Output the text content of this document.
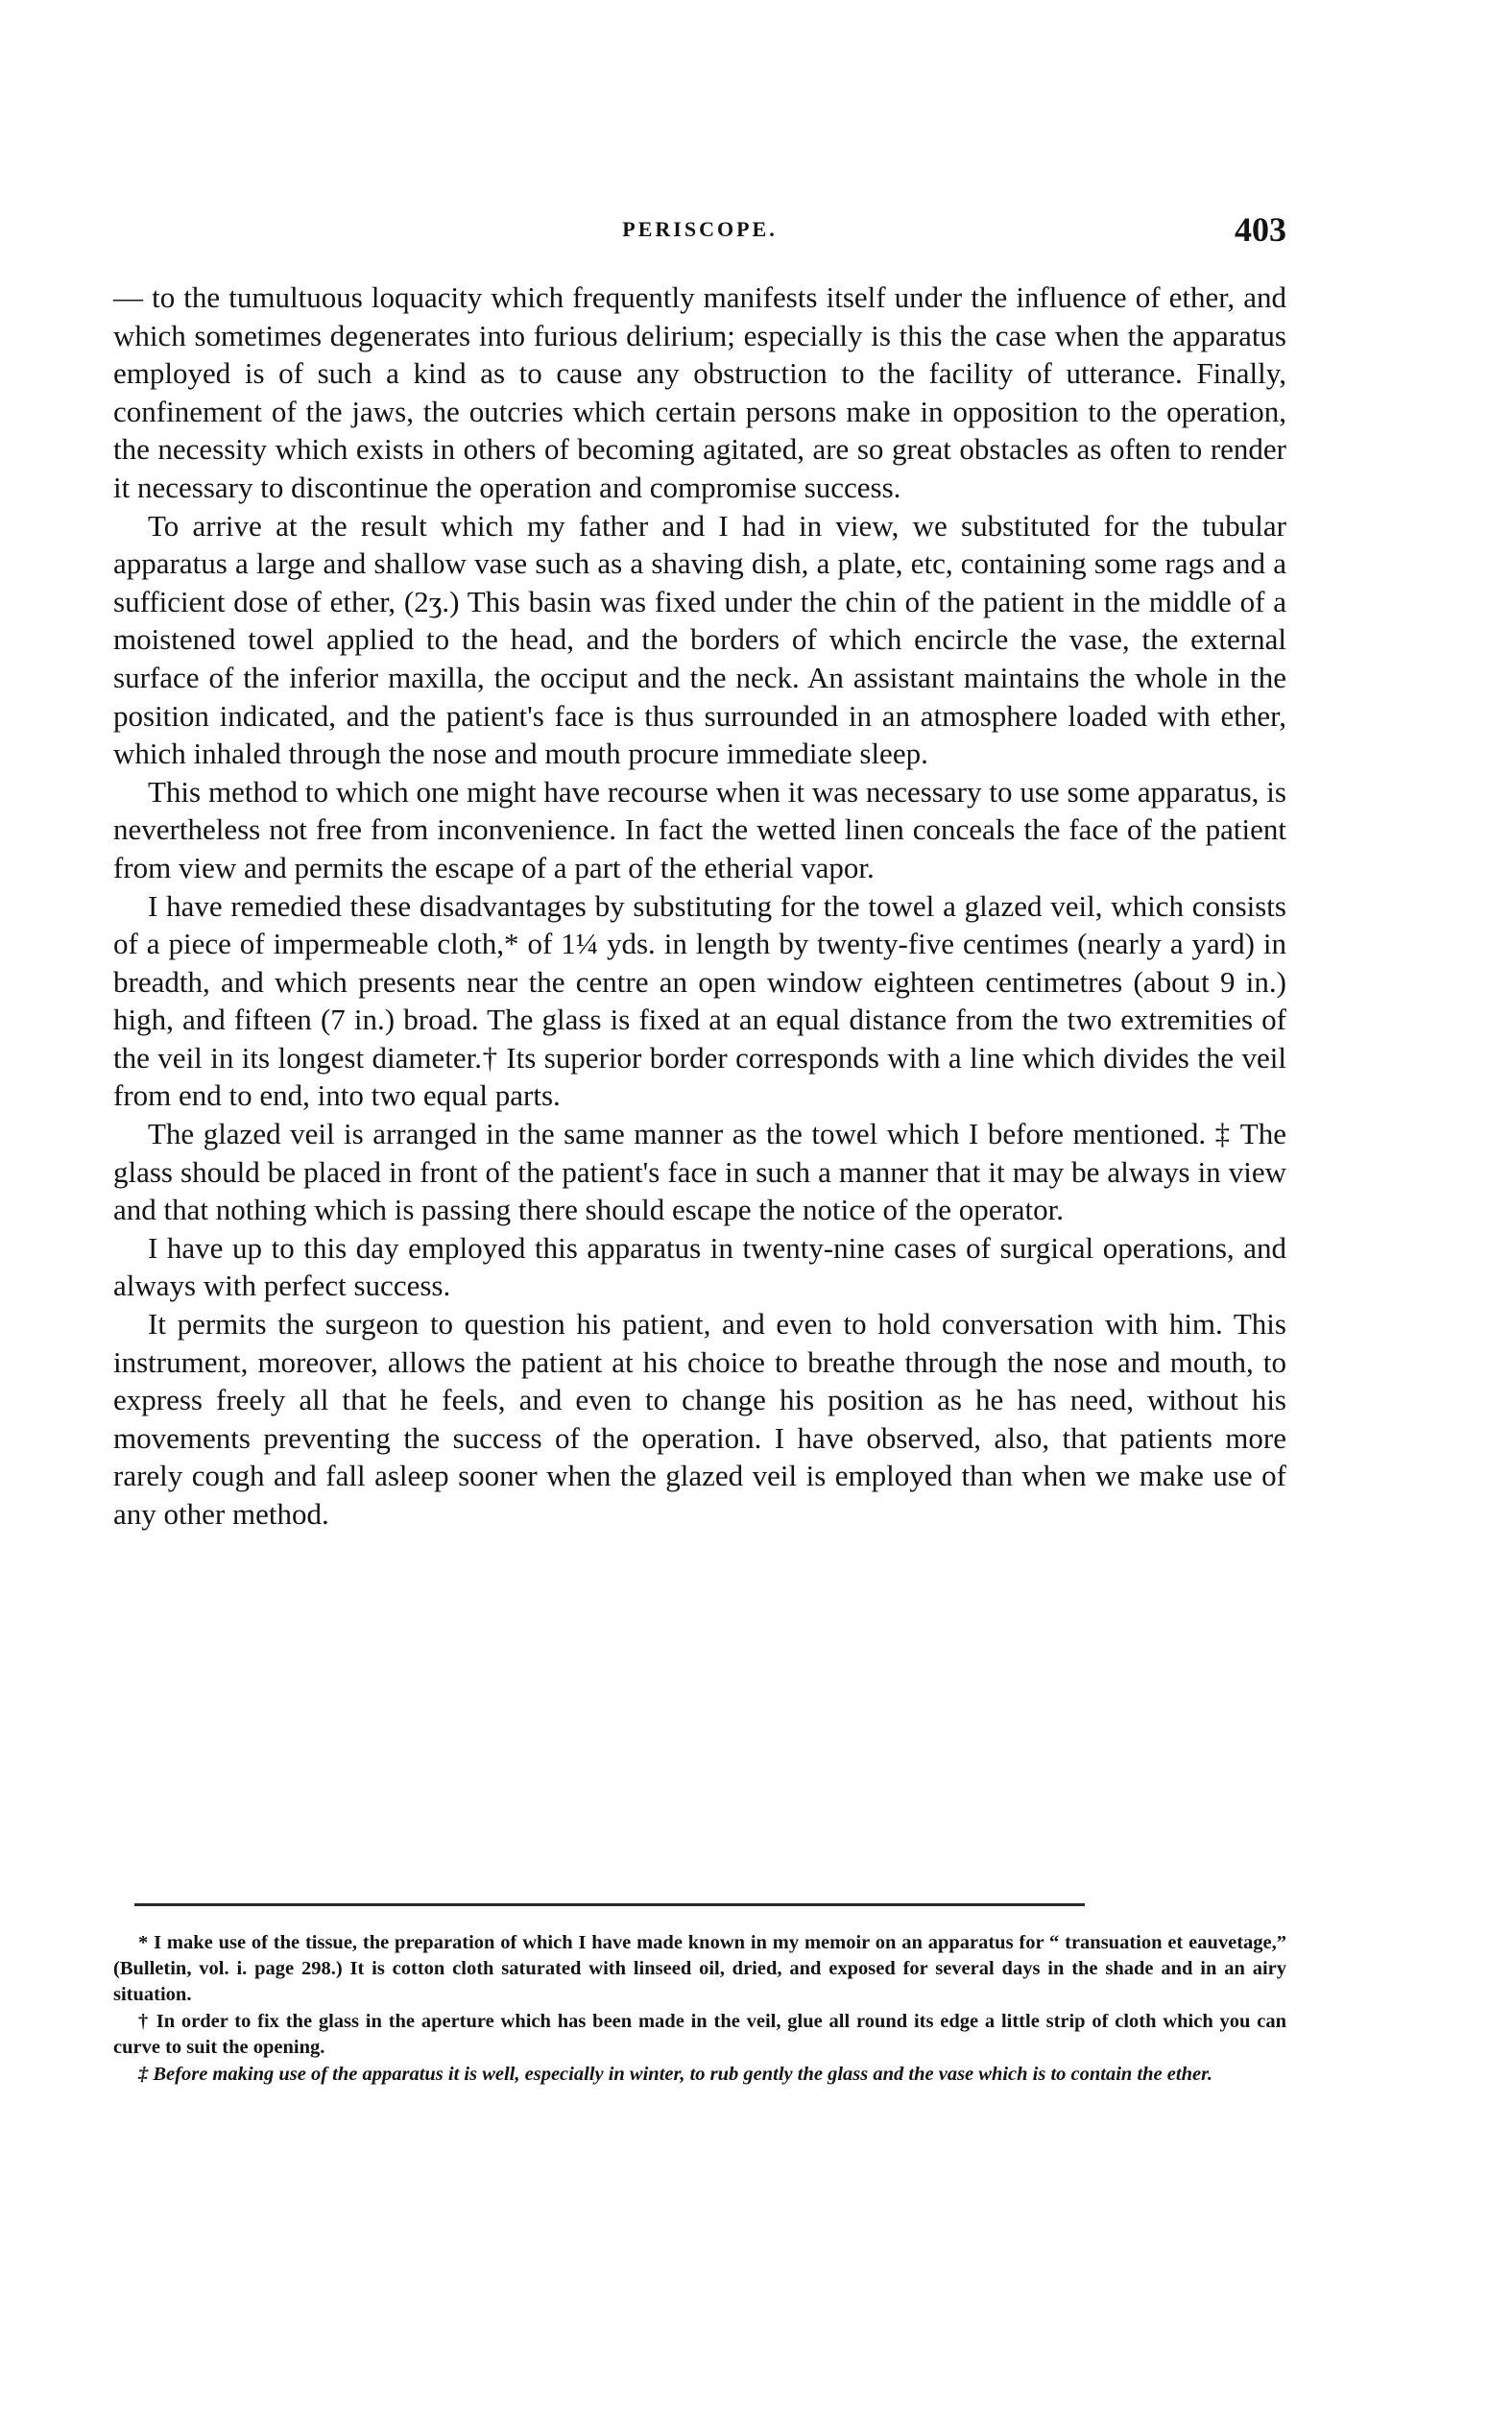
PERISCOPE.	403

— to the tumultuous loquacity which frequently manifests itself under the influence of ether, and which sometimes degenerates into furious delirium; especially is this the case when the apparatus employed is of such a kind as to cause any obstruction to the facility of utterance. Finally, confinement of the jaws, the outcries which certain persons make in opposition to the operation, the necessity which exists in others of becoming agitated, are so great obstacles as often to render it necessary to discontinue the operation and compromise success.

To arrive at the result which my father and I had in view, we substituted for the tubular apparatus a large and shallow vase such as a shaving dish, a plate, etc, containing some rags and a sufficient dose of ether, (2ʒ.) This basin was fixed under the chin of the patient in the middle of a moistened towel applied to the head, and the borders of which encircle the vase, the external surface of the inferior maxilla, the occiput and the neck. An assistant maintains the whole in the position indicated, and the patient's face is thus surrounded in an atmosphere loaded with ether, which inhaled through the nose and mouth procure immediate sleep.

This method to which one might have recourse when it was necessary to use some apparatus, is nevertheless not free from inconvenience. In fact the wetted linen conceals the face of the patient from view and permits the escape of a part of the etherial vapor.

I have remedied these disadvantages by substituting for the towel a glazed veil, which consists of a piece of impermeable cloth,* of 1¼ yds. in length by twenty-five centimes (nearly a yard) in breadth, and which presents near the centre an open window eighteen centimetres (about 9 in.) high, and fifteen (7 in.) broad. The glass is fixed at an equal distance from the two extremities of the veil in its longest diameter.† Its superior border corresponds with a line which divides the veil from end to end, into two equal parts.

The glazed veil is arranged in the same manner as the towel which I before mentioned. ‡ The glass should be placed in front of the patient's face in such a manner that it may be always in view and that nothing which is passing there should escape the notice of the operator.

I have up to this day employed this apparatus in twenty-nine cases of surgical operations, and always with perfect success.

It permits the surgeon to question his patient, and even to hold conversation with him. This instrument, moreover, allows the patient at his choice to breathe through the nose and mouth, to express freely all that he feels, and even to change his position as he has need, without his movements preventing the success of the operation. I have observed, also, that patients more rarely cough and fall asleep sooner when the glazed veil is employed than when we make use of any other method.

* I make use of the tissue, the preparation of which I have made known in my memoir on an apparatus for “ transuation et eauvetage,” (Bulletin, vol. i. page 298.) It is cotton cloth saturated with linseed oil, dried, and exposed for several days in the shade and in an airy situation.

† In order to fix the glass in the aperture which has been made in the veil, glue all round its edge a little strip of cloth which you can curve to suit the opening.

‡ Before making use of the apparatus it is well, especially in winter, to rub gently the glass and the vase which is to contain the ether.
